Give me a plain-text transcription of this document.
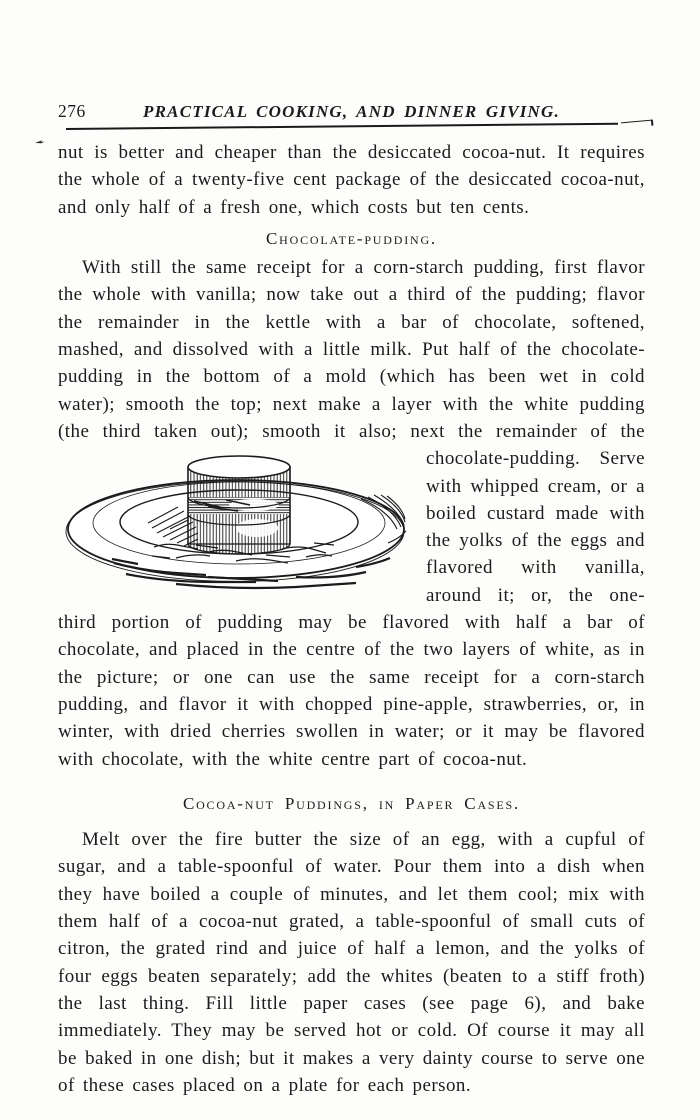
276	PRACTICAL COOKING, AND DINNER GIVING.

nut is better and cheaper than the desiccated cocoa-nut. It requires the whole of a twenty-five cent package of the desiccated cocoa-nut, and only half of a fresh one, which costs but ten cents.

Chocolate-pudding.

With still the same receipt for a corn-starch pudding, first flavor the whole with vanilla; now take out a third of the pudding; flavor the remainder in the kettle with a bar of chocolate, softened, mashed, and dissolved with a little milk. Put half of the chocolate-pudding in the bottom of a mold (which has been wet in cold water); smooth the top; next make a layer with the white pudding (the third taken out); smooth it also; next the remainder of the chocolate-pudding. Serve with whipped cream, or a boiled custard made with the yolks of the eggs and flavored with vanilla, around it; or, the one-third portion of pudding may be flavored with half a bar of chocolate, and placed in the centre of the two layers of white, as in the picture; or one can use the same receipt for a corn-starch pudding, and flavor it with chopped pine-apple, strawberries, or, in winter, with dried cherries swollen in water; or it may be flavored with chocolate, with the white centre part of cocoa-nut.

Cocoa-nut Puddings, in Paper Cases.

Melt over the fire butter the size of an egg, with a cupful of sugar, and a table-spoonful of water. Pour them into a dish when they have boiled a couple of minutes, and let them cool; mix with them half of a cocoa-nut grated, a table-spoonful of small cuts of citron, the grated rind and juice of half a lemon, and the yolks of four eggs beaten separately; add the whites (beaten to a stiff froth) the last thing. Fill little paper cases (see page 6), and bake immediately. They may be served hot or cold. Of course it may all be baked in one dish; but it makes a very dainty course to serve one of these cases placed on a plate for each person.
